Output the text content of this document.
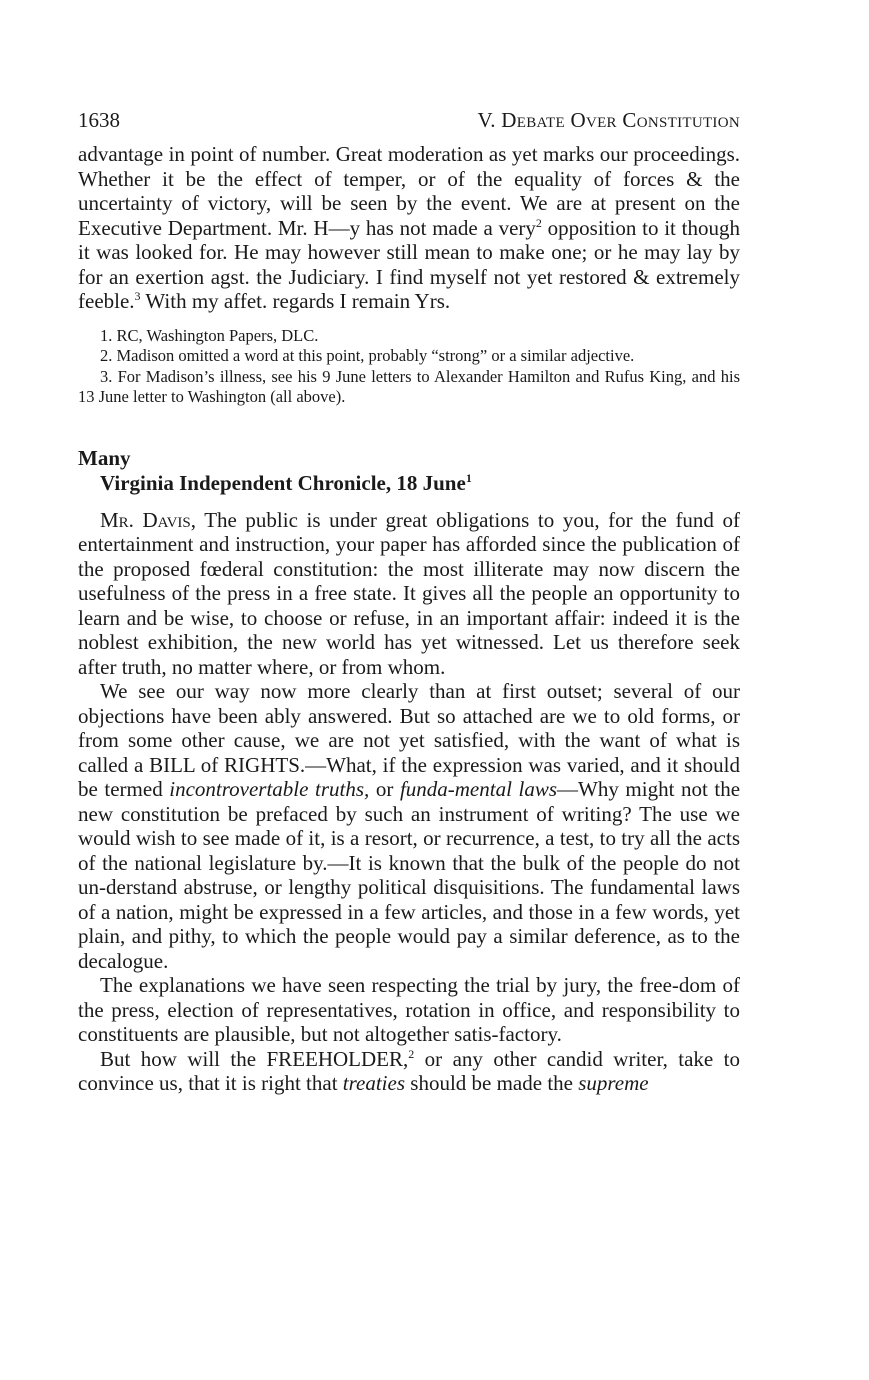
1638	V. Debate Over Constitution

advantage in point of number. Great moderation as yet marks our proceedings. Whether it be the effect of temper, or of the equality of forces & the uncertainty of victory, will be seen by the event. We are at present on the Executive Department. Mr. H—y has not made a very$^2$ opposition to it though it was looked for. He may however still mean to make one; or he may lay by for an exertion agst. the Judiciary. I find myself not yet restored & extremely feeble.$^3$ With my affet. regards I remain Yrs.

1. RC, Washington Papers, DLC.

2. Madison omitted a word at this point, probably “strong” or a similar adjective.

3. For Madison’s illness, see his 9 June letters to Alexander Hamilton and Rufus King, and his 13 June letter to Washington (all above).

Many
Virginia Independent Chronicle, 18 June$^1$

Mr. Davis, The public is under great obligations to you, for the fund of entertainment and instruction, your paper has afforded since the publication of the proposed fœderal constitution: the most illiterate may now discern the usefulness of the press in a free state. It gives all the people an opportunity to learn and be wise, to choose or refuse, in an important affair: indeed it is the noblest exhibition, the new world has yet witnessed. Let us therefore seek after truth, no matter where, or from whom.

We see our way now more clearly than at first outset; several of our objections have been ably answered. But so attached are we to old forms, or from some other cause, we are not yet satisfied, with the want of what is called a BILL of RIGHTS.—What, if the expression was varied, and it should be termed incontrovertable truths, or funda-mental laws—Why might not the new constitution be prefaced by such an instrument of writing? The use we would wish to see made of it, is a resort, or recurrence, a test, to try all the acts of the national legislature by.—It is known that the bulk of the people do not un-derstand abstruse, or lengthy political disquisitions. The fundamental laws of a nation, might be expressed in a few articles, and those in a few words, yet plain, and pithy, to which the people would pay a similar deference, as to the decalogue.

The explanations we have seen respecting the trial by jury, the free-dom of the press, election of representatives, rotation in office, and responsibility to constituents are plausible, but not altogether satis-factory.

But how will the FREEHOLDER,$^2$ or any other candid writer, take to convince us, that it is right that treaties should be made the supreme
